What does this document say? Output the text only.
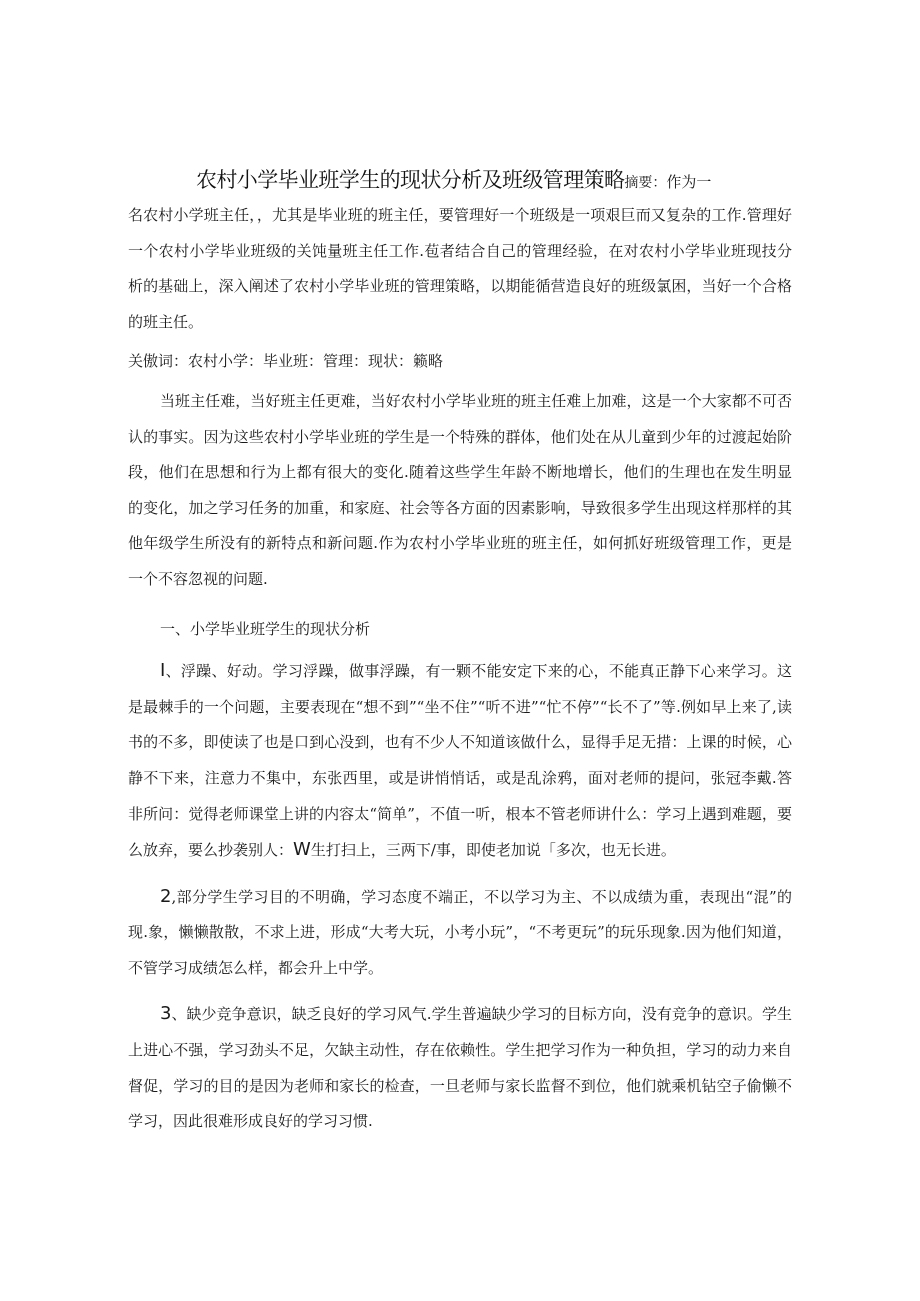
农村小学毕业班学生的现状分析及班级管理策略摘要：作为一

名农村小学班主任，，尤其是毕业班的班主任，要管理好一个班级是一项艰巨而又复杂的工作.管理好一个农村小学毕业班级的关饨量班主任工作.苞者结合自己的管理经验，在对农村小学毕业班现技分析的基础上，深入阐述了农村小学毕业班的管理策略，以期能循营造良好的班级氯困，当好一个合格的班主任。

关傲词：农村小学：毕业班：管理：现状：籁略

当班主任难，当好班主任更难，当好农村小学毕业班的班主任难上加难，这是一个大家都不可否认的事实。因为这些农村小学毕业班的学生是一个特殊的群体，他们处在从儿童到少年的过渡起始阶段，他们在思想和行为上都有很大的变化.随着这些学生年龄不断地增长，他们的生理也在发生明显的变化，加之学习任务的加重，和家庭、社会等各方面的因素影响，导致很多学生出现这样那样的其他年级学生所没有的新特点和新问题.作为农村小学毕业班的班主任，如何抓好班级管理工作，更是一个不容忽视的问题.

一、小学毕业班学生的现状分析

I、浮躁、好动。学习浮躁，做事浮躁，有一颗不能安定下来的心，不能真正静下心来学习。这是最棘手的一个问题，主要表现在“想不到”“坐不住”“听不进”“忙不停”“长不了”等.例如早上来了,读书的不多，即使读了也是口到心没到，也有不少人不知道该做什么，显得手足无措：上课的时候，心静不下来，注意力不集中，东张西里，或是讲悄悄话，或是乱涂鸦，面对老师的提问，张冠李戴.答非所问：觉得老师课堂上讲的内容太“简单”，不值一听，根本不管老师讲什么：学习上遇到难题，要么放弃，要么抄袭别人：W生打扫上，三两下/事，即使老加说「多次，也无长进。

2,部分学生学习目的不明确，学习态度不端正，不以学习为主、不以成绩为重，表现出“混”的现.象，懒懒散散，不求上进，形成“大考大玩，小考小玩”，“不考更玩”的玩乐现象.因为他们知道，不管学习成绩怎么样，都会升上中学。

3、缺少竞争意识，缺乏良好的学习风气.学生普遍缺少学习的目标方向，没有竞争的意识。学生上进心不强，学习劲头不足，欠缺主动性，存在依赖性。学生把学习作为一种负担，学习的动力来自督促，学习的目的是因为老师和家长的检查，一旦老师与家长监督不到位，他们就乘机钻空子偷懒不学习，因此很难形成良好的学习习惯.
